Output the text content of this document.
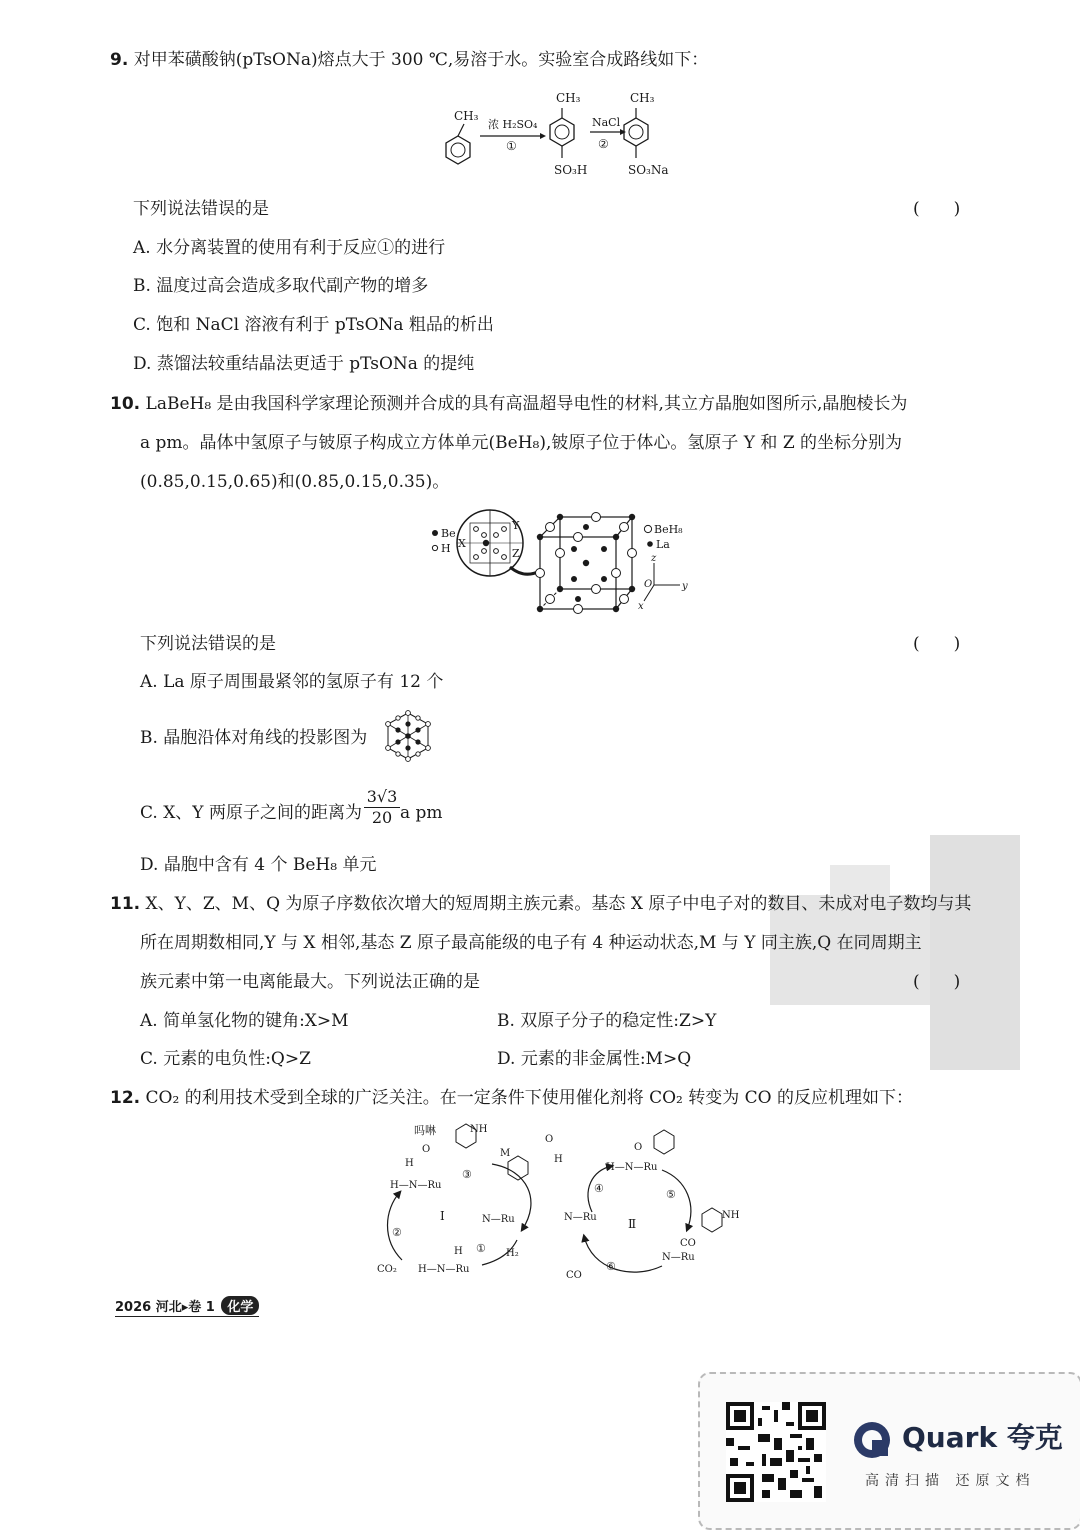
9. 对甲苯磺酸钠(pTsONa)熔点大于 300 ℃,易溶于水。实验室合成路线如下：
CH₃
浓 H₂SO₄
①
CH₃
SO₃H
NaCl
②
CH₃
SO₃Na
下列说法错误的是	(　　)
A. 水分离装置的使用有利于反应①的进行
B. 温度过高会造成多取代副产物的增多
C. 饱和 NaCl 溶液有利于 pTsONa 粗品的析出
D. 蒸馏法较重结晶法更适于 pTsONa 的提纯
10. LaBeH₈ 是由我国科学家理论预测并合成的具有高温超导电性的材料,其立方晶胞如图所示,晶胞棱长为
a pm。晶体中氢原子与铍原子构成立方体单元(BeH₈),铍原子位于体心。氢原子 Y 和 Z 的坐标分别为
(0.85,0.15,0.65)和(0.85,0.15,0.35)。
Be
H X
Y
Z
BeH₈
La
z
y
x
O
下列说法错误的是	(　　)
A. La 原子周围最紧邻的氢原子有 12 个
B. 晶胞沿体对角线的投影图为
C. X、Y 两原子之间的距离为 $\frac{3√3}{20}$ a pm
D. 晶胞中含有 4 个 BeH₈ 单元
11. X、Y、Z、M、Q 为原子序数依次增大的短周期主族元素。基态 X 原子中电子对的数目、未成对电子数均与其
所在周期数相同,Y 与 X 相邻,基态 Z 原子最高能级的电子有 4 种运动状态,M 与 Y 同主族,Q 在同周期主
族元素中第一电离能最大。下列说法正确的是	(　　)
A. 简单氢化物的键角:X>M	B. 双原子分子的稳定性:Z>Y
C. 元素的电负性:Q>Z	D. 元素的非金属性:M>Q
12. CO₂ 的利用技术受到全球的广泛关注。在一定条件下使用催化剂将 CO₂ 转变为 CO 的反应机理如下：
吗啉	NH
H
O
H—N—Ru
Ⅰ	N—Ru
③
②
① H₂
H
H—N—Ru
CO₂
M
O
H
H—N—Ru
O
④	⑤
N—Ru	Ⅱ
NH
CO
N—Ru
⑥
CO
2026 河北▸卷 1 化学
Quark 夸克
高清扫描 还原文档
